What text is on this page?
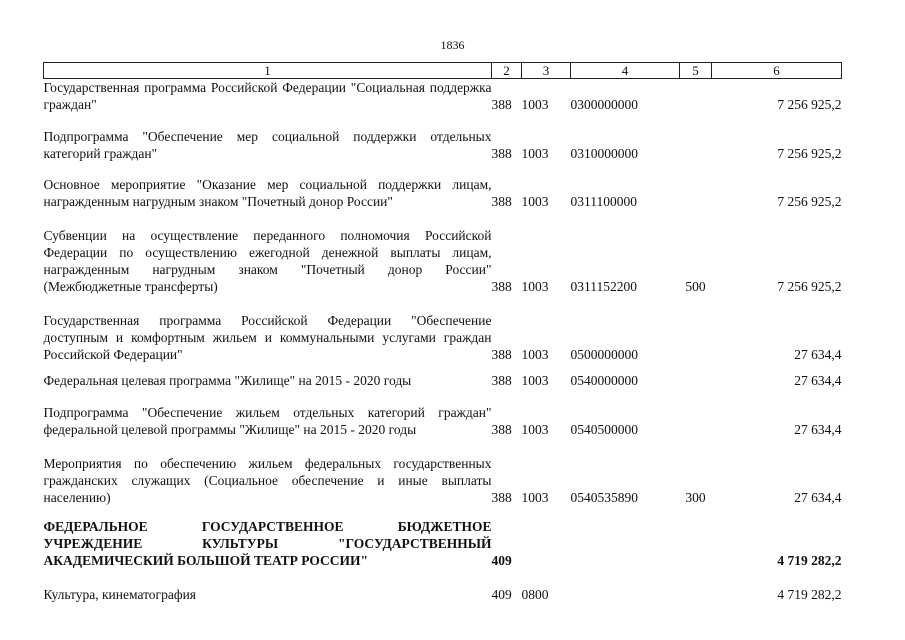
1836
1	2	3	4	5	6

Государственная программа Российской Федерации "Социальная поддержка граждан"	388	1003	0300000000		7 256 925,2

Подпрограмма "Обеспечение мер социальной поддержки отдельных категорий граждан"	388	1003	0310000000		7 256 925,2

Основное мероприятие "Оказание мер социальной поддержки лицам, награжденным нагрудным знаком "Почетный донор России"	388	1003	0311100000		7 256 925,2

Субвенции на осуществление переданного полномочия Российской Федерации по осуществлению ежегодной денежной выплаты лицам, награжденным нагрудным знаком "Почетный донор России" (Межбюджетные трансферты)	388	1003	0311152200	500	7 256 925,2

Государственная программа Российской Федерации "Обеспечение доступным и комфортным жильем и коммунальными услугами граждан Российской Федерации"	388	1003	0500000000		27 634,4

Федеральная целевая программа "Жилище" на 2015 - 2020 годы	388	1003	0540000000		27 634,4

Подпрограмма "Обеспечение жильем отдельных категорий граждан" федеральной целевой программы "Жилище" на 2015 - 2020 годы	388	1003	0540500000		27 634,4

Мероприятия по обеспечению жильем федеральных государственных гражданских служащих (Социальное обеспечение и иные выплаты населению)	388	1003	0540535890	300	27 634,4

ФЕДЕРАЛЬНОЕ ГОСУДАРСТВЕННОЕ БЮДЖЕТНОЕ УЧРЕЖДЕНИЕ КУЛЬТУРЫ "ГОСУДАРСТВЕННЫЙ АКАДЕМИЧЕСКИЙ БОЛЬШОЙ ТЕАТР РОССИИ"	409				4 719 282,2

Культура, кинематография	409	0800			4 719 282,2
